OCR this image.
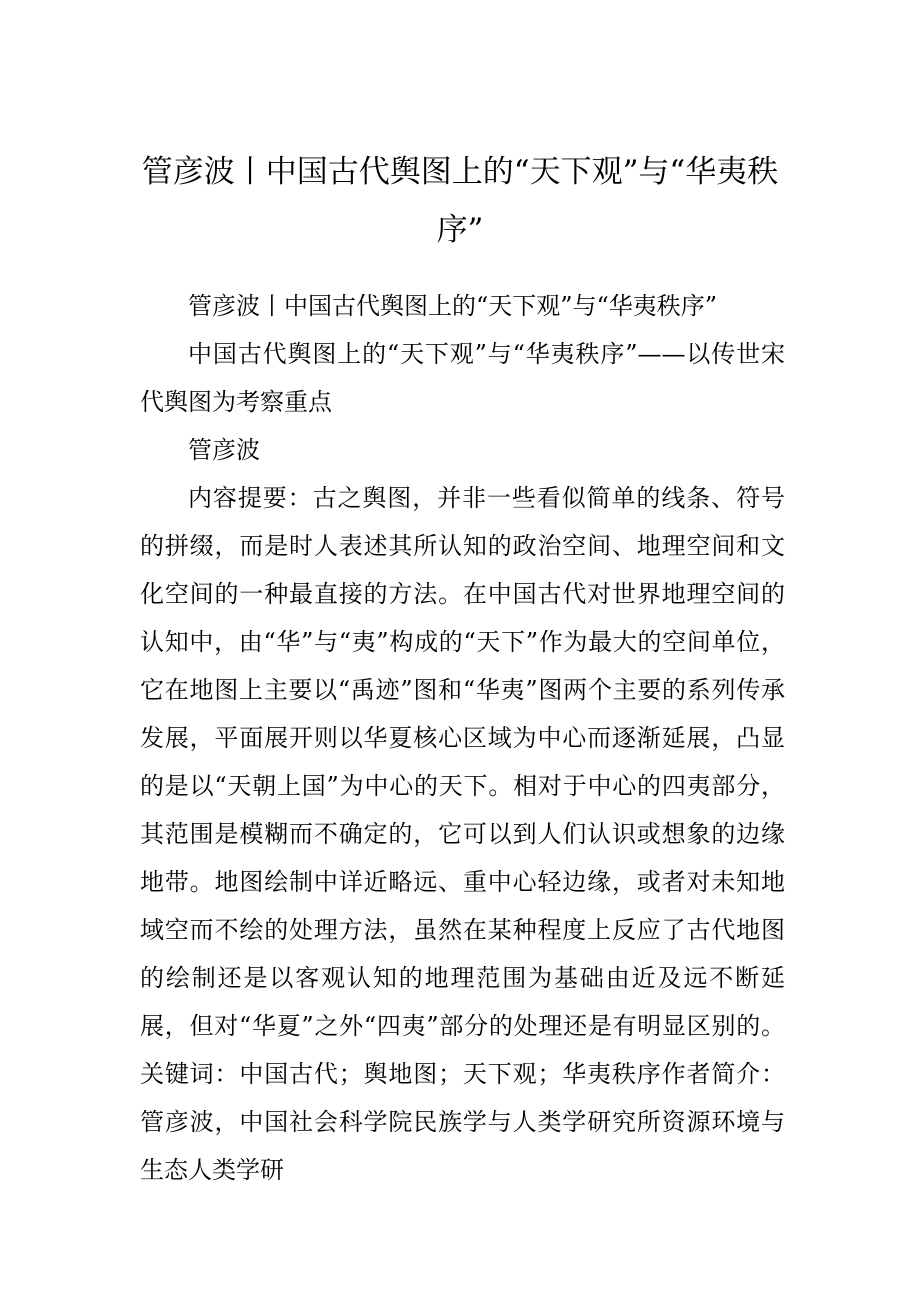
管彦波丨中国古代舆图上的“天下观”与“华夷秩序”

管彦波丨中国古代舆图上的“天下观”与“华夷秩序”

中国古代舆图上的“天下观”与“华夷秩序”——以传世宋代舆图为考察重点

管彦波

内容提要：古之舆图，并非一些看似简单的线条、符号的拼缀，而是时人表述其所认知的政治空间、地理空间和文化空间的一种最直接的方法。在中国古代对世界地理空间的认知中，由“华”与“夷”构成的“天下”作为最大的空间单位，它在地图上主要以“禹迹”图和“华夷”图两个主要的系列传承发展，平面展开则以华夏核心区域为中心而逐渐延展，凸显的是以“天朝上国”为中心的天下。相对于中心的四夷部分，其范围是模糊而不确定的，它可以到人们认识或想象的边缘地带。地图绘制中详近略远、重中心轻边缘，或者对未知地域空而不绘的处理方法，虽然在某种程度上反应了古代地图的绘制还是以客观认知的地理范围为基础由近及远不断延展，但对“华夏”之外“四夷”部分的处理还是有明显区别的。关键词：中国古代；舆地图；天下观；华夷秩序作者简介：管彦波，中国社会科学院民族学与人类学研究所资源环境与生态人类学研
